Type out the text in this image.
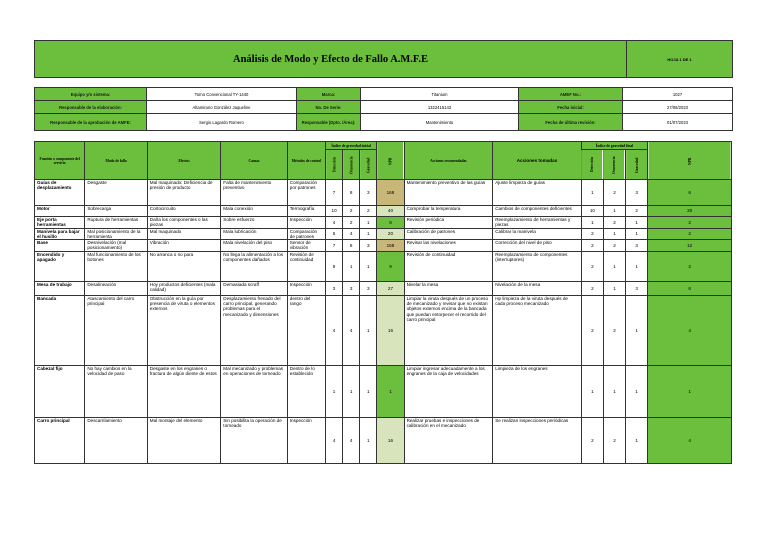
Análisis de Modo y Efecto de Fallo A.M.F.E	HOJA 1 DE 1
Equipo y/o sistema:	Torno Convencional TY-1440	Marca:	Titanium	AMEF No.:	1027
Responsable de la elaboración:	Altamirano González Jaqueline	No. De Serie:	1322415143	Fecha inicial:	27/06/2023
Responsable de la aprobación de AMFE:	Sergio Lagardo Romero	Responsable (Dpto. /Área):	Mantenimiento	Fecha de última revisión:	01/07/2023
Función o componente del servicio	Modo de fallo	Efectos	Causas	Métodos de control	Índice de gravedad inicial			NPR	Acciones recomendadas	Acciones tomadas	Índice de gravedad final			NPR
					Detección	Ocurrencia	Gravedad				Detección	Ocurrencia	Gravedad	
Guías de desplazamiento	Desgaste	Mal maquinado: Deficiencia de presión de producto	Falta de mantenimiento preventivo	Comparación por patrones	7	8	3	168	Mantenimiento preventivo de las guías	Ajuste limpieza de guías	1	2	3	6
Motor	Sobrecarga	Cortocircuito	Mala conexión	Termografía	10	2	2	40	Comprobar la temperatura	Cambios de componentes deficientes	10	1	2	20
Eje porta herramientas	Ruptura de herramientas	Daña los componentes o las piezas	Sobre esfuerzo	Inspección	4	2	1	8	Revisión periódica	Reemplazamiento de herramientas y piezas	1	2	1	2
Manivela para bajar el husillo	Mal posicionamiento de la herramienta	Mal maquinado	Mala lubricación	Comparación de patrones	5	4	1	20	Calibración de patrones	Calibrar la manivela	2	1	1	2
Base	Desnivelación (mal posicionamiento)	Vibración	Mala nivelación del piso	Sensor de vibración	7	8	3	168	Revisar las nivelaciones	Corrección del nivel de piso	2	2	3	12
Encendido y apagado	Mal funcionamiento de los botones	No arranca o no para	No llega la alimentación a los componentes dañados	Revisión de continuidad	9	1	1	9	Revisión de continuidad	Reemplazamiento de componentes (interruptores)	2	1	1	2
Mesa de trabajo	Desalineación	Hoy productos deficientes (mala calidad)	Demasiada scraff	Inspección	3	3	3	27	Nivelar la mesa	Nivelación de la mesa	2	1	3	6
Bancada	Atascamiento del carro principal	Obstrucción en la guía por presencia de viruta o elementos externos	Desplazamiento frenado del carro principal, generando problemas para el mecanizado y dimensiones	dentro del rango	4	4	1	16	Limpiar la viruta después de un proceso de mecanizado y revisar que no existan objetos externos encima de la bancada que puedan entorpecer el recorrido del carro principal	Hp limpieza de la viruta después de cada proceso mecanizado	2	2	1	4
Cabezal fijo	No hay cambios en la velocidad de paso	Desgaste en los engranes o fractura de algún diente de estos	Mal mecanizado y problemas en operaciones de torneado	Dentro de lo establecido	1	1	1	1	Limpiar ingresar adecuadamente a los engranes de la caja de velocidades	Limpieza de los engranes	1	1	1	1
Carro principal	Descarrilamiento	Mal montaje del elemento	Sin posibilita la operación de torneado	Inspección	4	4	1	16	Realizar pruebas e inspecciones de calibración en el mecanizado	Se realizan inspecciones periódicas	2	2	1	4
